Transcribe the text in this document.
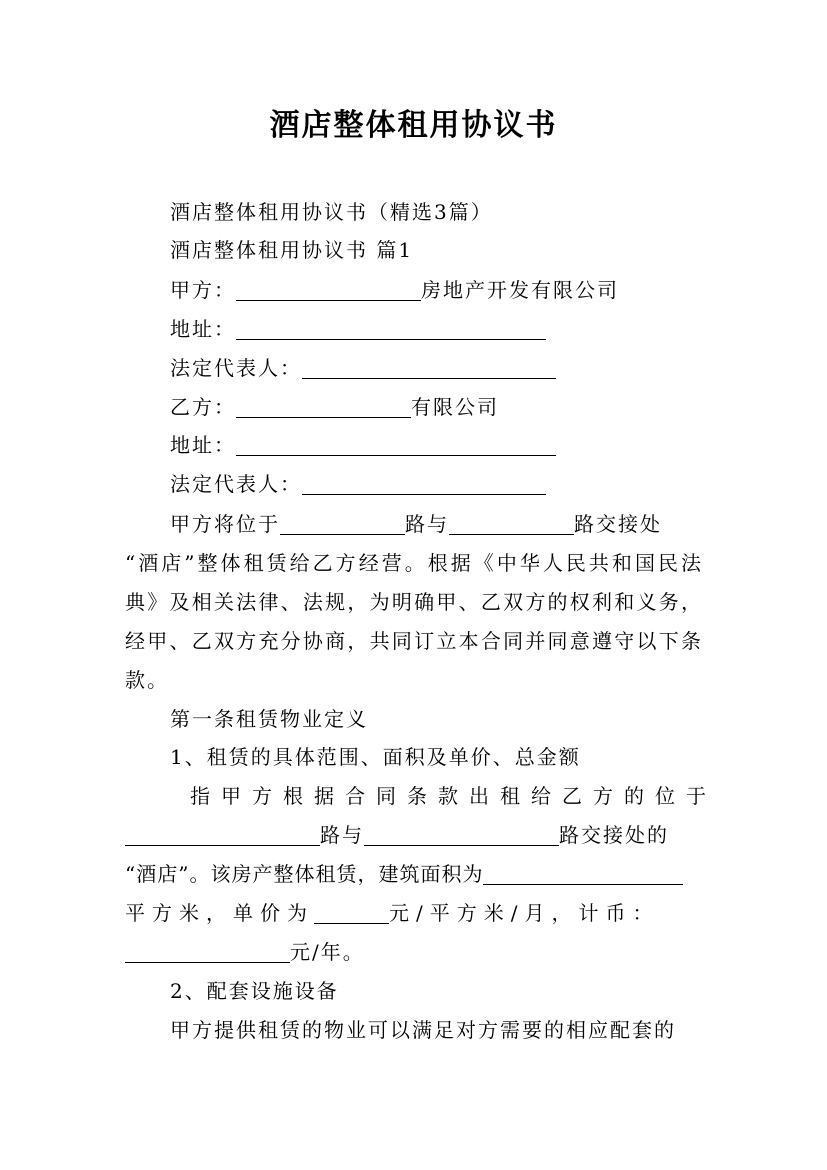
酒店整体租用协议书
酒店整体租用协议书（精选3篇）
酒店整体租用协议书 篇1
甲方：	房地产开发有限公司
地址：
法定代表人：
乙方：	有限公司
地址：
法定代表人：
甲方将位于	路与	路交接处
“酒店”整体租赁给乙方经营。根据《中华人民共和国民法
典》及相关法律、法规，为明确甲、乙双方的权利和义务，
经甲、乙双方充分协商，共同订立本合同并同意遵守以下条
款。
第一条租赁物业定义
1、租赁的具体范围、面积及单价、总金额
指甲方根据合同条款出租给乙方的位于
路与	路交接处的
“酒店”。该房产整体租赁，建筑面积为
平方米，单价为	元/平方米/月，计币：
元/年。
2、配套设施设备
甲方提供租赁的物业可以满足对方需要的相应配套的
